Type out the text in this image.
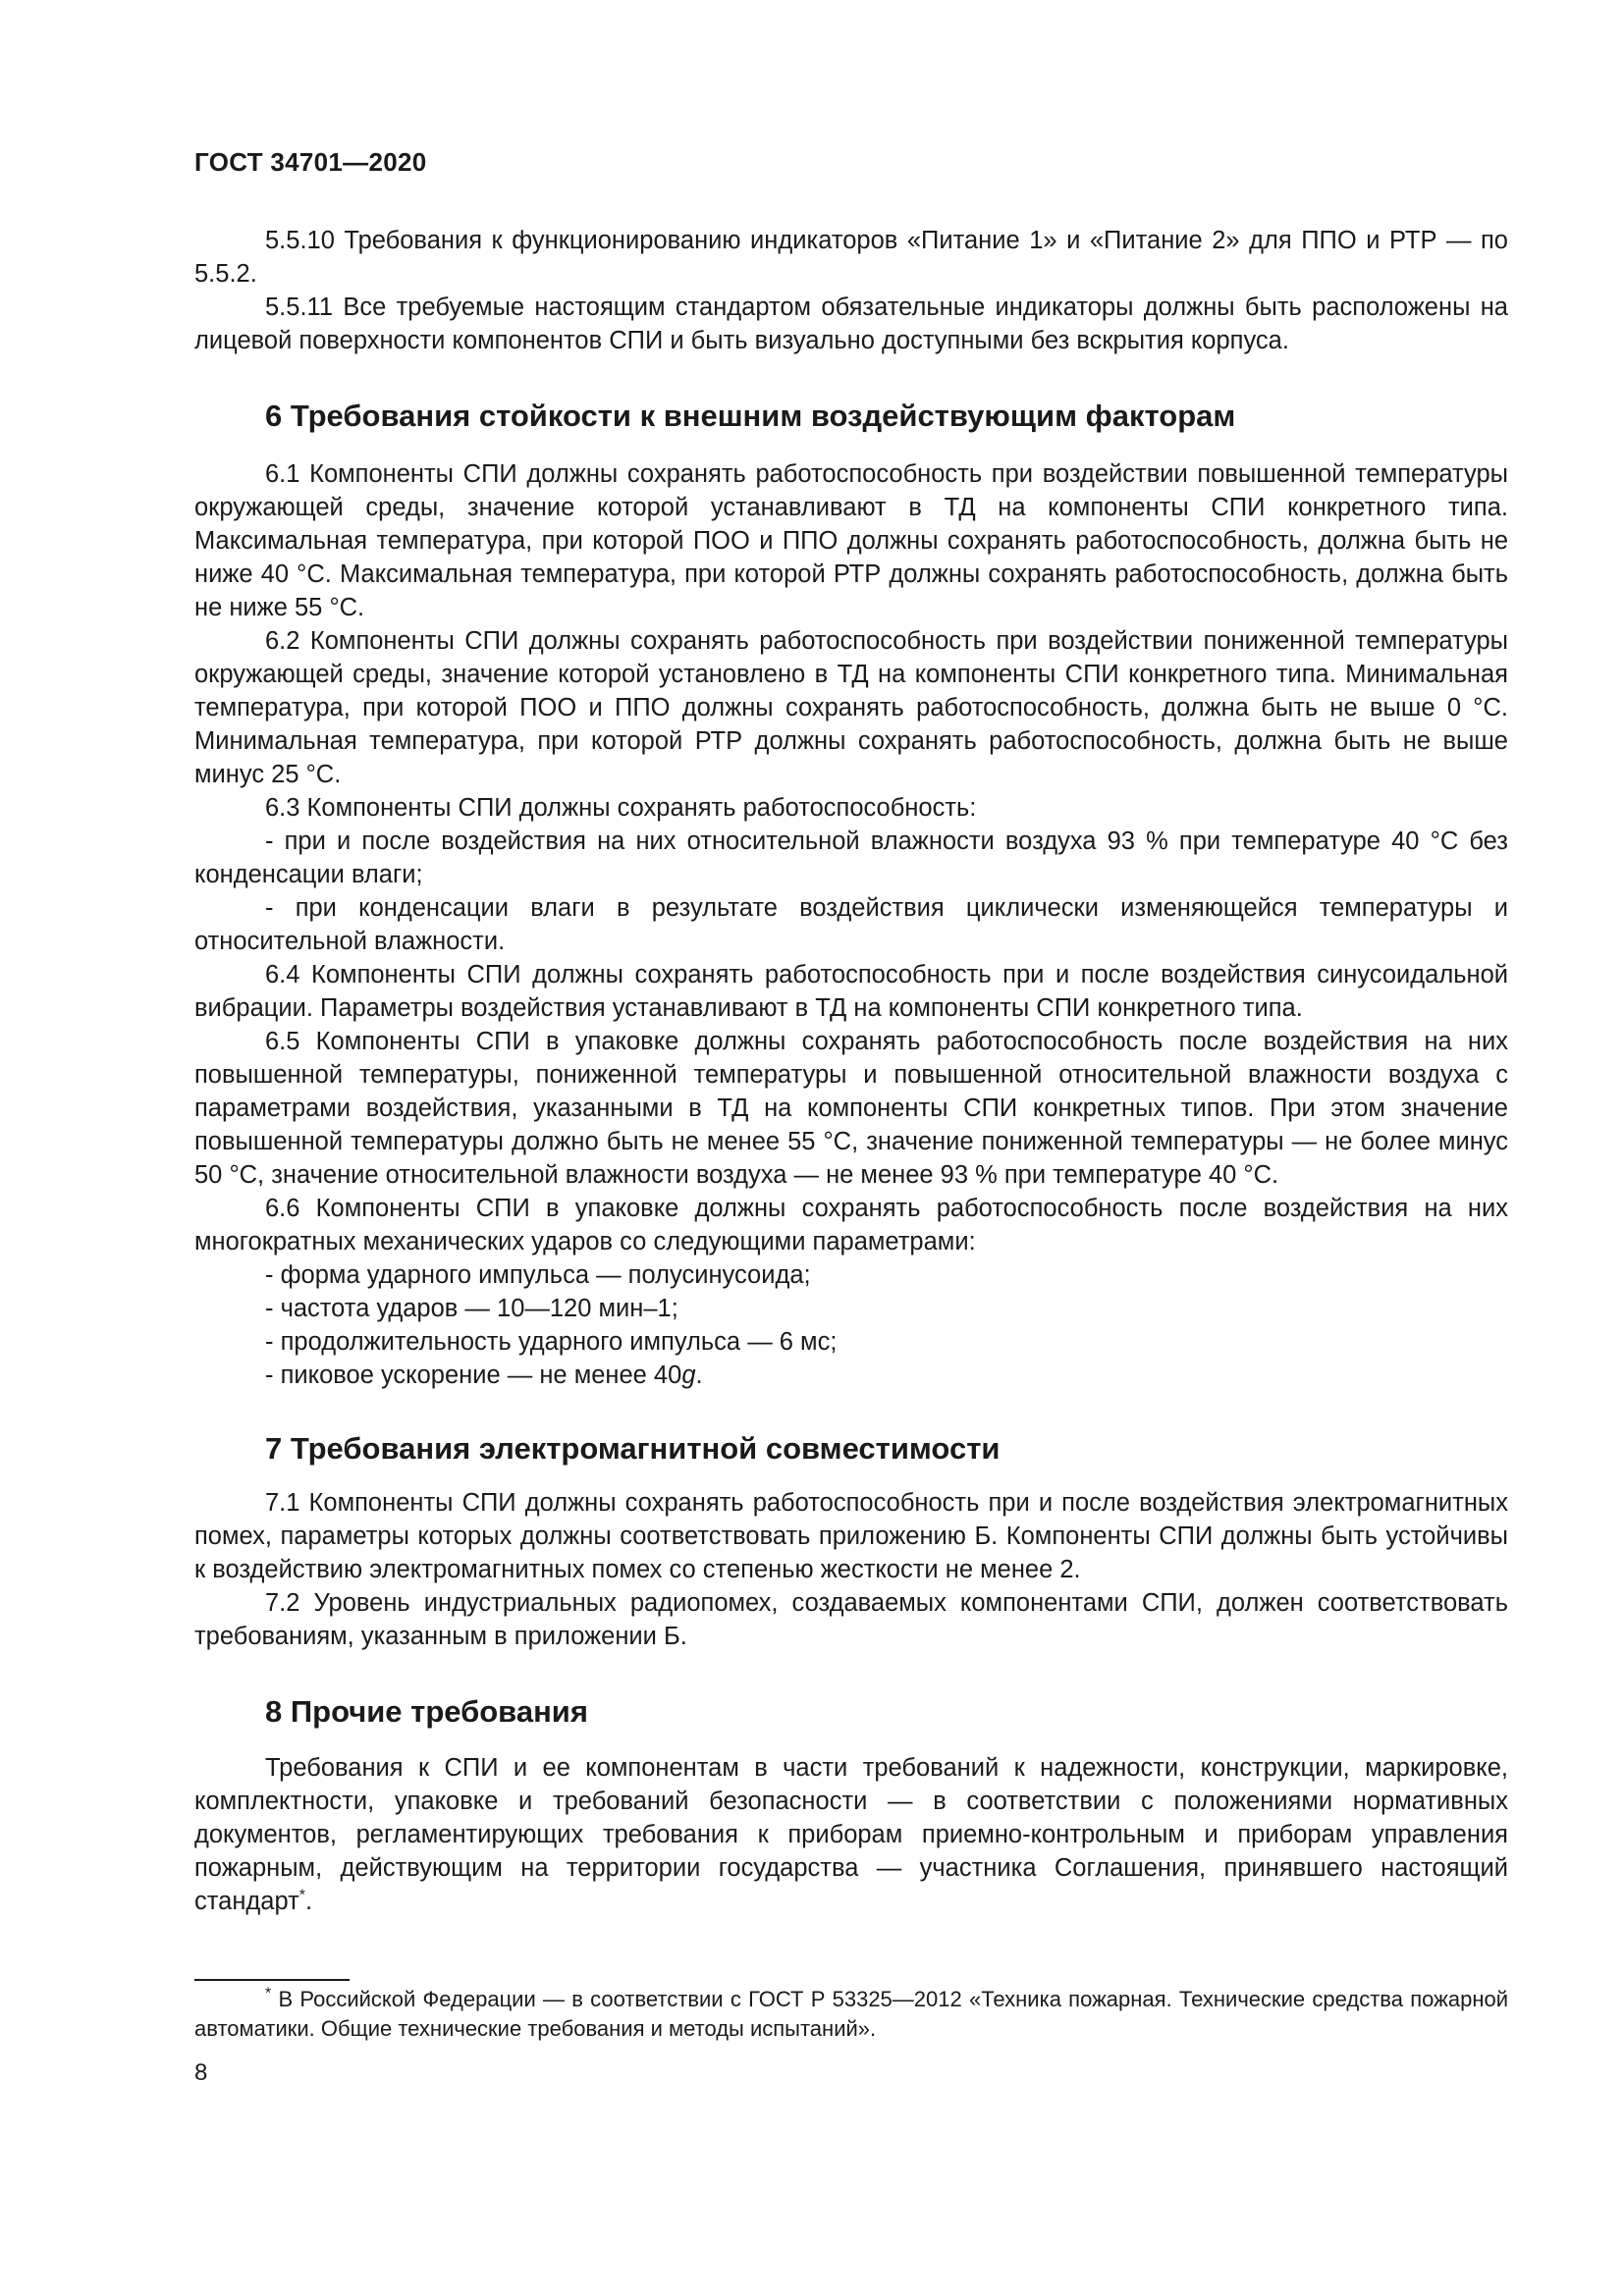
ГОСТ 34701—2020

5.5.10 Требования к функционированию индикаторов «Питание 1» и «Питание 2» для ППО и РТР — по 5.5.2.

5.5.11 Все требуемые настоящим стандартом обязательные индикаторы должны быть расположены на лицевой поверхности компонентов СПИ и быть визуально доступными без вскрытия корпуса.

6 Требования стойкости к внешним воздействующим факторам

6.1 Компоненты СПИ должны сохранять работоспособность при воздействии повышенной температуры окружающей среды, значение которой устанавливают в ТД на компоненты СПИ конкретного типа. Максимальная температура, при которой ПОО и ППО должны сохранять работоспособность, должна быть не ниже 40 °С. Максимальная температура, при которой РТР должны сохранять работоспособность, должна быть не ниже 55 °С.

6.2 Компоненты СПИ должны сохранять работоспособность при воздействии пониженной температуры окружающей среды, значение которой установлено в ТД на компоненты СПИ конкретного типа. Минимальная температура, при которой ПОО и ППО должны сохранять работоспособность, должна быть не выше 0 °С. Минимальная температура, при которой РТР должны сохранять работоспособность, должна быть не выше минус 25 °С.

6.3 Компоненты СПИ должны сохранять работоспособность:

- при и после воздействия на них относительной влажности воздуха 93 % при температуре 40 °С без конденсации влаги;

- при конденсации влаги в результате воздействия циклически изменяющейся температуры и относительной влажности.

6.4 Компоненты СПИ должны сохранять работоспособность при и после воздействия синусоидальной вибрации. Параметры воздействия устанавливают в ТД на компоненты СПИ конкретного типа.

6.5 Компоненты СПИ в упаковке должны сохранять работоспособность после воздействия на них повышенной температуры, пониженной температуры и повышенной относительной влажности воздуха с параметрами воздействия, указанными в ТД на компоненты СПИ конкретных типов. При этом значение повышенной температуры должно быть не менее 55 °С, значение пониженной температуры — не более минус 50 °С, значение относительной влажности воздуха — не менее 93 % при температуре 40 °С.

6.6 Компоненты СПИ в упаковке должны сохранять работоспособность после воздействия на них многократных механических ударов со следующими параметрами:

- форма ударного импульса — полусинусоида;

- частота ударов — 10—120 мин–1;

- продолжительность ударного импульса — 6 мс;

- пиковое ускорение — не менее 40g.

7 Требования электромагнитной совместимости

7.1 Компоненты СПИ должны сохранять работоспособность при и после воздействия электромагнитных помех, параметры которых должны соответствовать приложению Б. Компоненты СПИ должны быть устойчивы к воздействию электромагнитных помех со степенью жесткости не менее 2.

7.2 Уровень индустриальных радиопомех, создаваемых компонентами СПИ, должен соответствовать требованиям, указанным в приложении Б.

8 Прочие требования

Требования к СПИ и ее компонентам в части требований к надежности, конструкции, маркировке, комплектности, упаковке и требований безопасности — в соответствии с положениями нормативных документов, регламентирующих требования к приборам приемно-контрольным и приборам управления пожарным, действующим на территории государства — участника Соглашения, принявшего настоящий стандарт*.

* В Российской Федерации — в соответствии с ГОСТ Р 53325—2012 «Техника пожарная. Технические средства пожарной автоматики. Общие технические требования и методы испытаний».
8
